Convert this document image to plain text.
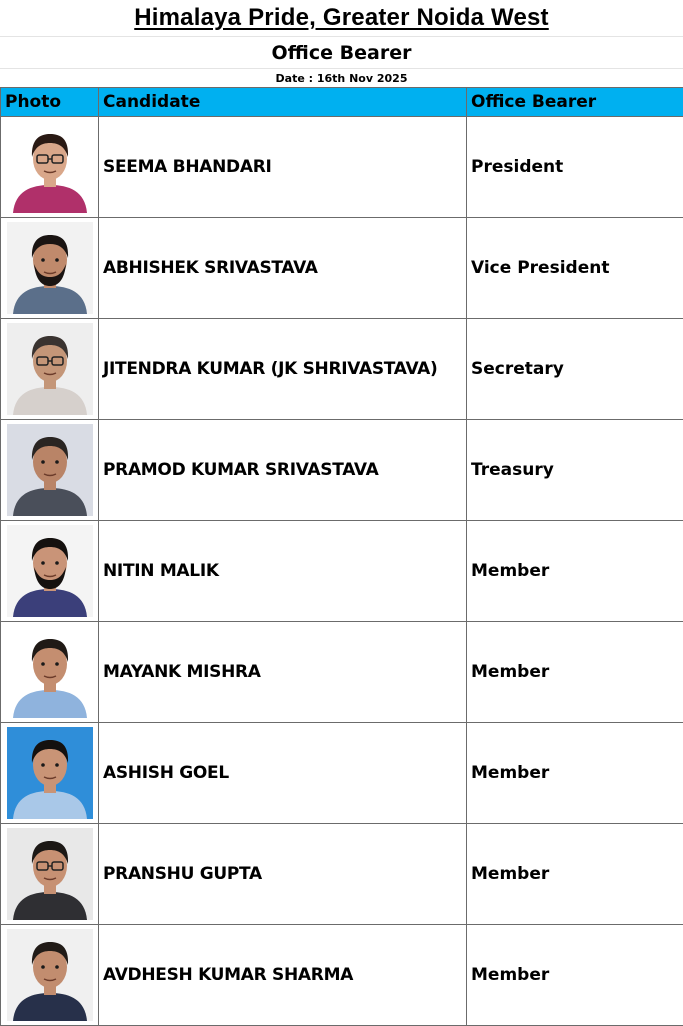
Himalaya Pride, Greater Noida West
Office Bearer
Date : 16th Nov 2025
Photo	Candidate	Office Bearer

	SEEMA BHANDARI	President

	ABHISHEK SRIVASTAVA	Vice President

	JITENDRA KUMAR (JK SHRIVASTAVA)	Secretary

	PRAMOD KUMAR SRIVASTAVA	Treasury

	NITIN MALIK	Member

	MAYANK MISHRA	Member

	ASHISH GOEL	Member

	PRANSHU GUPTA	Member

	AVDHESH KUMAR SHARMA	Member
